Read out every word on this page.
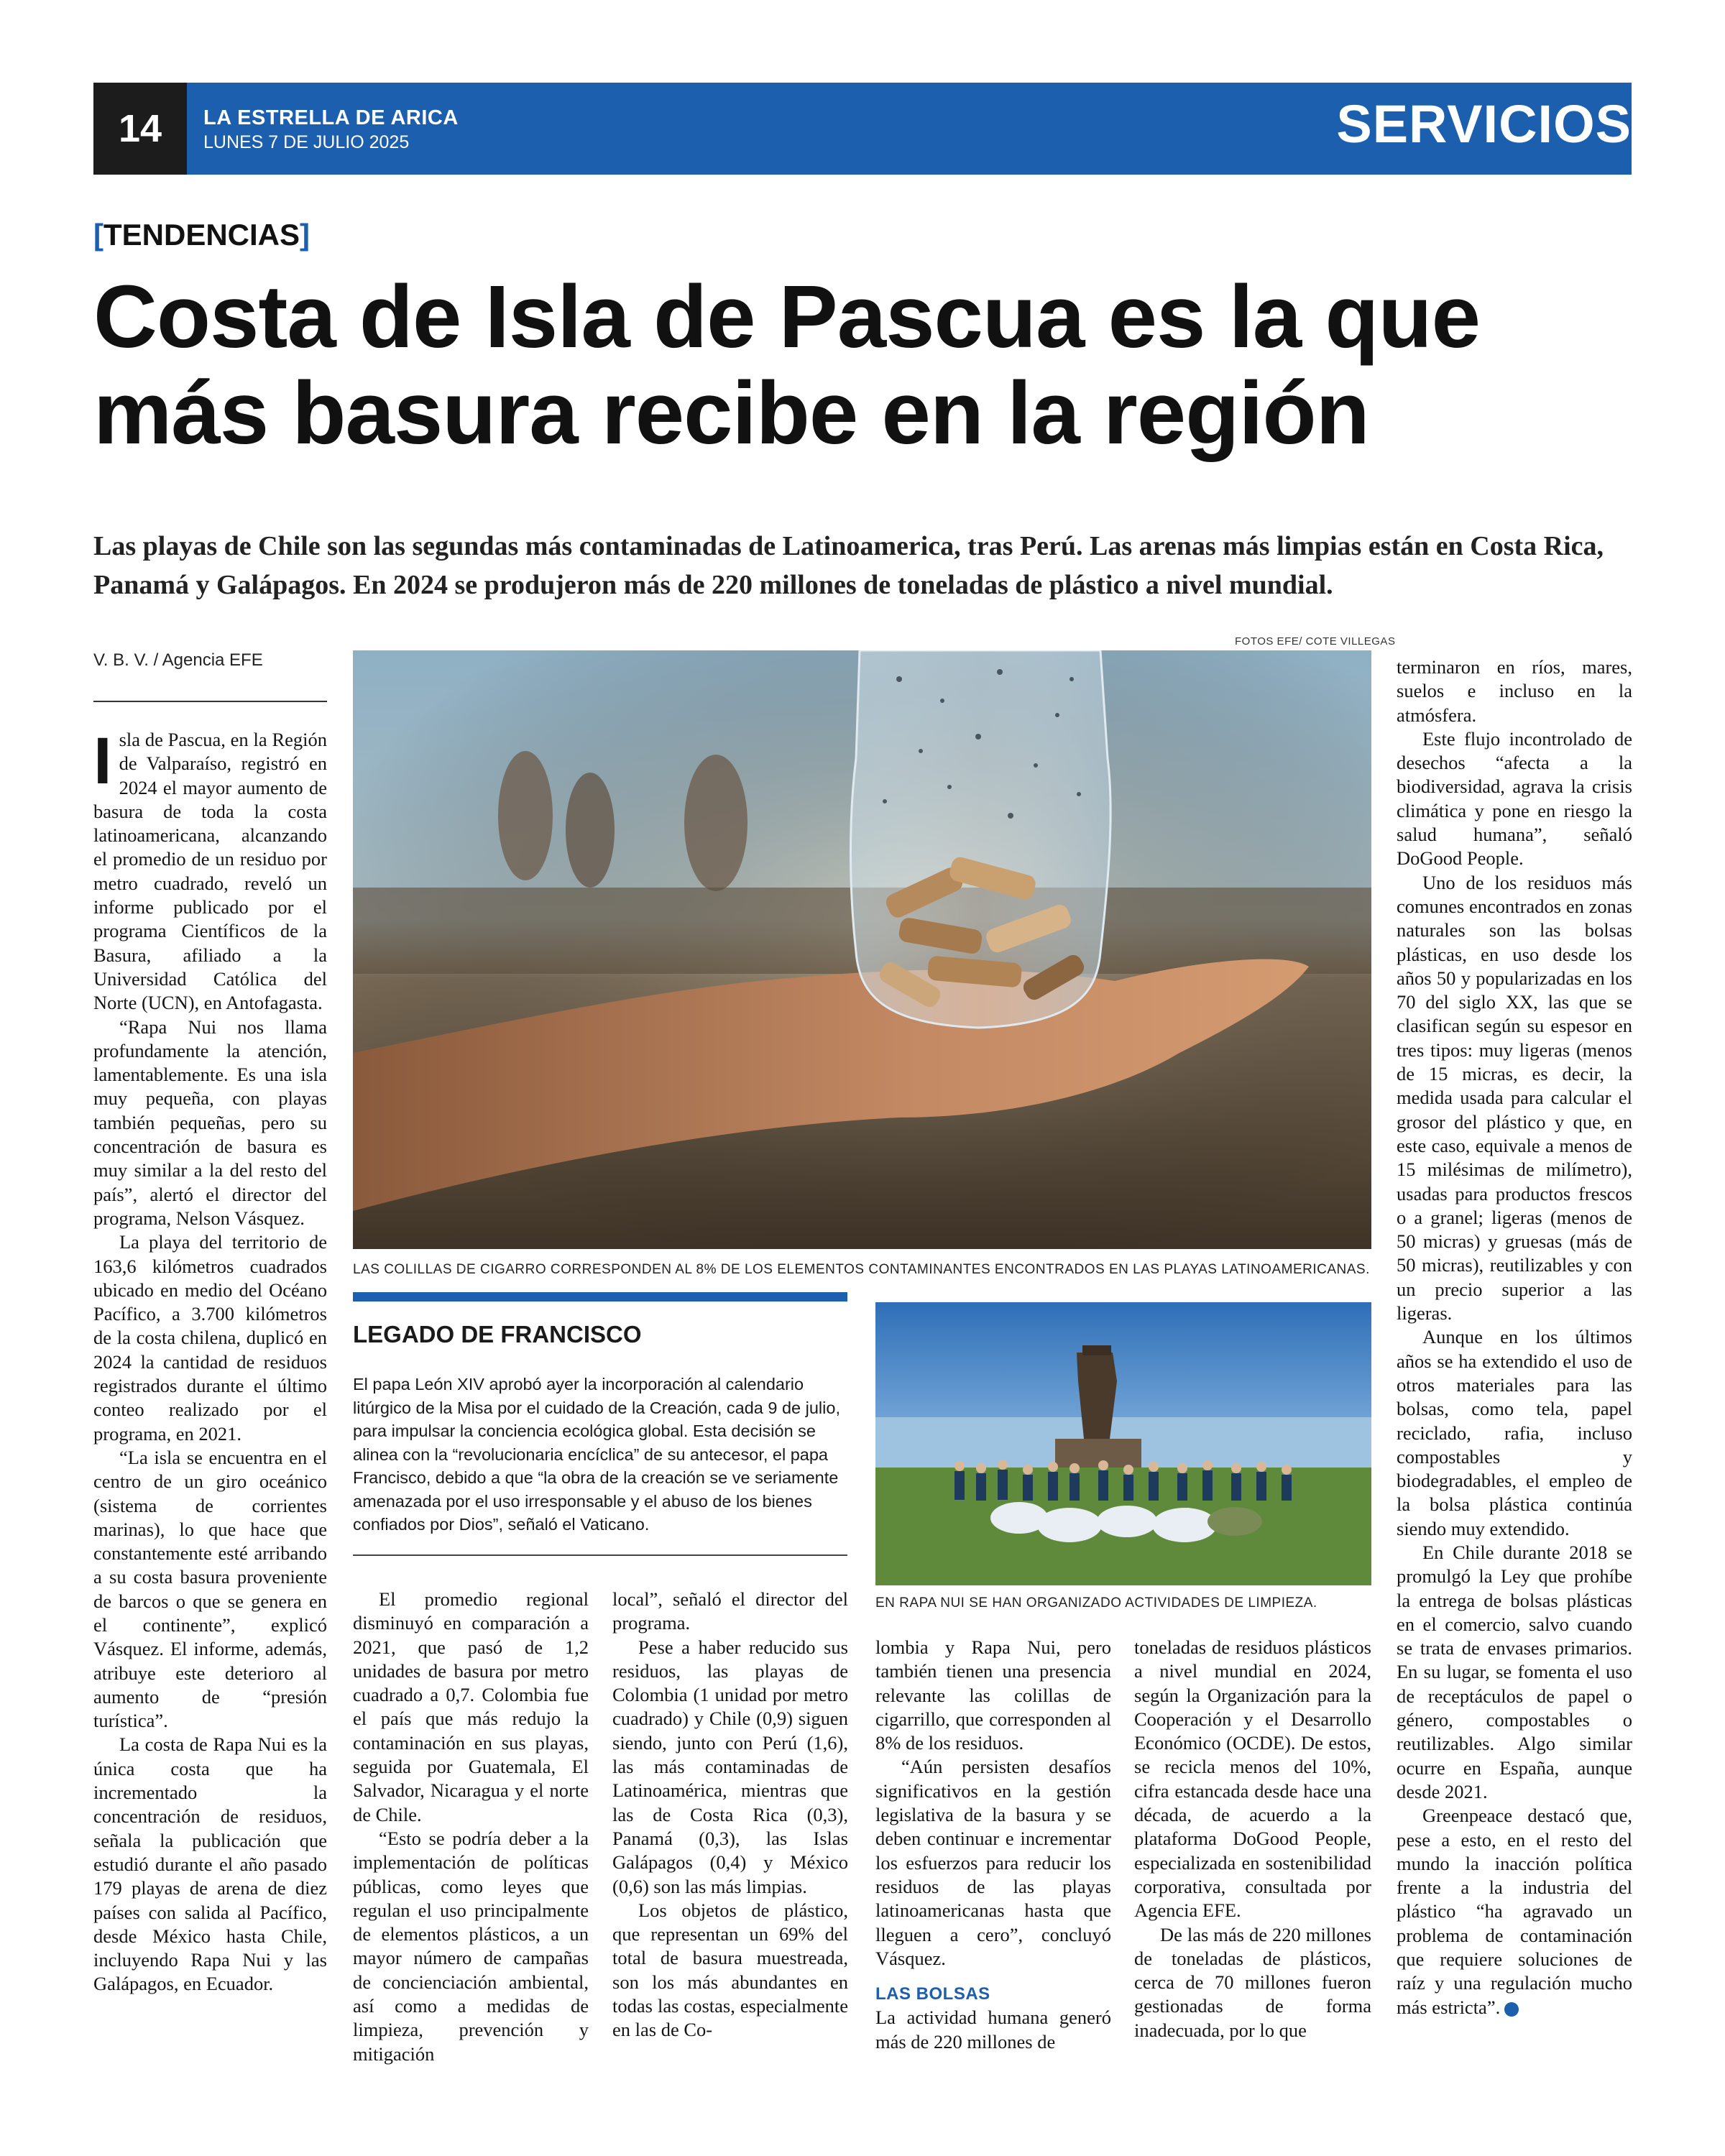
14	LA ESTRELLA DE ARICA
LUNES 7 DE JULIO 2025	SERVICIOS
[TENDENCIAS]
Costa de Isla de Pascua es la que
más basura recibe en la región

Las playas de Chile son las segundas más contaminadas de Latinoamerica, tras Perú. Las arenas más limpias están en Costa Rica, Panamá y Galápagos. En 2024 se produjeron más de 220 millones de toneladas de plástico a nivel mundial.

V. B. V. / Agencia EFE

Isla de Pascua, en la Región de Valparaíso, registró en 2024 el mayor aumento de basura de toda la costa latinoamericana, alcanzando el promedio de un residuo por metro cuadrado, reveló un informe publicado por el programa Científicos de la Basura, afiliado a la Universidad Católica del Norte (UCN), en Antofagasta.

“Rapa Nui nos llama profundamente la atención, lamentablemente. Es una isla muy pequeña, con playas también pequeñas, pero su concentración de basura es muy similar a la del resto del país”, alertó el director del programa, Nelson Vásquez.

La playa del territorio de 163,6 kilómetros cuadrados ubicado en medio del Océano Pacífico, a 3.700 kilómetros de la costa chilena, duplicó en 2024 la cantidad de residuos registrados durante el último conteo realizado por el programa, en 2021.

“La isla se encuentra en el centro de un giro oceánico (sistema de corrientes marinas), lo que hace que constantemente esté arribando a su costa basura proveniente de barcos o que se genera en el continente”, explicó Vásquez. El informe, además, atribuye este deterioro al aumento de “presión turística”.

La costa de Rapa Nui es la única costa que ha incrementado la concentración de residuos, señala la publicación que estudió durante el año pasado 179 playas de arena de diez países con salida al Pacífico, desde México hasta Chile, incluyendo Rapa Nui y las Galápagos, en Ecuador.

FOTOS EFE/ COTE VILLEGAS
LAS COLILLAS DE CIGARRO CORRESPONDEN AL 8% DE LOS ELEMENTOS CONTAMINANTES ENCONTRADOS EN LAS PLAYAS LATINOAMERICANAS.
LEGADO DE FRANCISCO

El papa León XIV aprobó ayer la incorporación al calendario litúrgico de la Misa por el cuidado de la Creación, cada 9 de julio, para impulsar la conciencia ecológica global. Esta decisión se alinea con la “revolucionaria encíclica” de su antecesor, el papa Francisco, debido a que “la obra de la creación se ve seriamente amenazada por el uso irresponsable y el abuso de los bienes confiados por Dios”, señaló el Vaticano.

EN RAPA NUI SE HAN ORGANIZADO ACTIVIDADES DE LIMPIEZA.

El promedio regional disminuyó en comparación a 2021, que pasó de 1,2 unidades de basura por metro cuadrado a 0,7. Colombia fue el país que más redujo la contaminación en sus playas, seguida por Guatemala, El Salvador, Nicaragua y el norte de Chile.

“Esto se podría deber a la implementación de políticas públicas, como leyes que regulan el uso principalmente de elementos plásticos, a un mayor número de campañas de concienciación ambiental, así como a medidas de limpieza, prevención y mitigación

local”, señaló el director del programa.

Pese a haber reducido sus residuos, las playas de Colombia (1 unidad por metro cuadrado) y Chile (0,9) siguen siendo, junto con Perú (1,6), las más contaminadas de Latinoamérica, mientras que las de Costa Rica (0,3), Panamá (0,3), las Islas Galápagos (0,4) y México (0,6) son las más limpias.

Los objetos de plástico, que representan un 69% del total de basura muestreada, son los más abundantes en todas las costas, especialmente en las de Co-

lombia y Rapa Nui, pero también tienen una presencia relevante las colillas de cigarrillo, que corresponden al 8% de los residuos.

“Aún persisten desafíos significativos en la gestión legislativa de la basura y se deben continuar e incrementar los esfuerzos para reducir los residuos de las playas latinoamericanas hasta que lleguen a cero”, concluyó Vásquez.

LAS BOLSAS

La actividad humana generó más de 220 millones de

toneladas de residuos plásticos a nivel mundial en 2024, según la Organización para la Cooperación y el Desarrollo Económico (OCDE). De estos, se recicla menos del 10%, cifra estancada desde hace una década, de acuerdo a la plataforma DoGood People, especializada en sostenibilidad corporativa, consultada por Agencia EFE.

De las más de 220 millones de toneladas de plásticos, cerca de 70 millones fueron gestionadas de forma inadecuada, por lo que

terminaron en ríos, mares, suelos e incluso en la atmósfera.

Este flujo incontrolado de desechos “afecta a la biodiversidad, agrava la crisis climática y pone en riesgo la salud humana”, señaló DoGood People.

Uno de los residuos más comunes encontrados en zonas naturales son las bolsas plásticas, en uso desde los años 50 y popularizadas en los 70 del siglo XX, las que se clasifican según su espesor en tres tipos: muy ligeras (menos de 15 micras, es decir, la medida usada para calcular el grosor del plástico y que, en este caso, equivale a menos de 15 milésimas de milímetro), usadas para productos frescos o a granel; ligeras (menos de 50 micras) y gruesas (más de 50 micras), reutilizables y con un precio superior a las ligeras.

Aunque en los últimos años se ha extendido el uso de otros materiales para las bolsas, como tela, papel reciclado, rafia, incluso compostables y biodegradables, el empleo de la bolsa plástica continúa siendo muy extendido.

En Chile durante 2018 se promulgó la Ley que prohíbe la entrega de bolsas plásticas en el comercio, salvo cuando se trata de envases primarios. En su lugar, se fomenta el uso de receptáculos de papel o género, compostables o reutilizables. Algo similar ocurre en España, aunque desde 2021.

Greenpeace destacó que, pese a esto, en el resto del mundo la inacción política frente a la industria del plástico “ha agravado un problema de contaminación que requiere soluciones de raíz y una regulación mucho más estricta”.	✪
